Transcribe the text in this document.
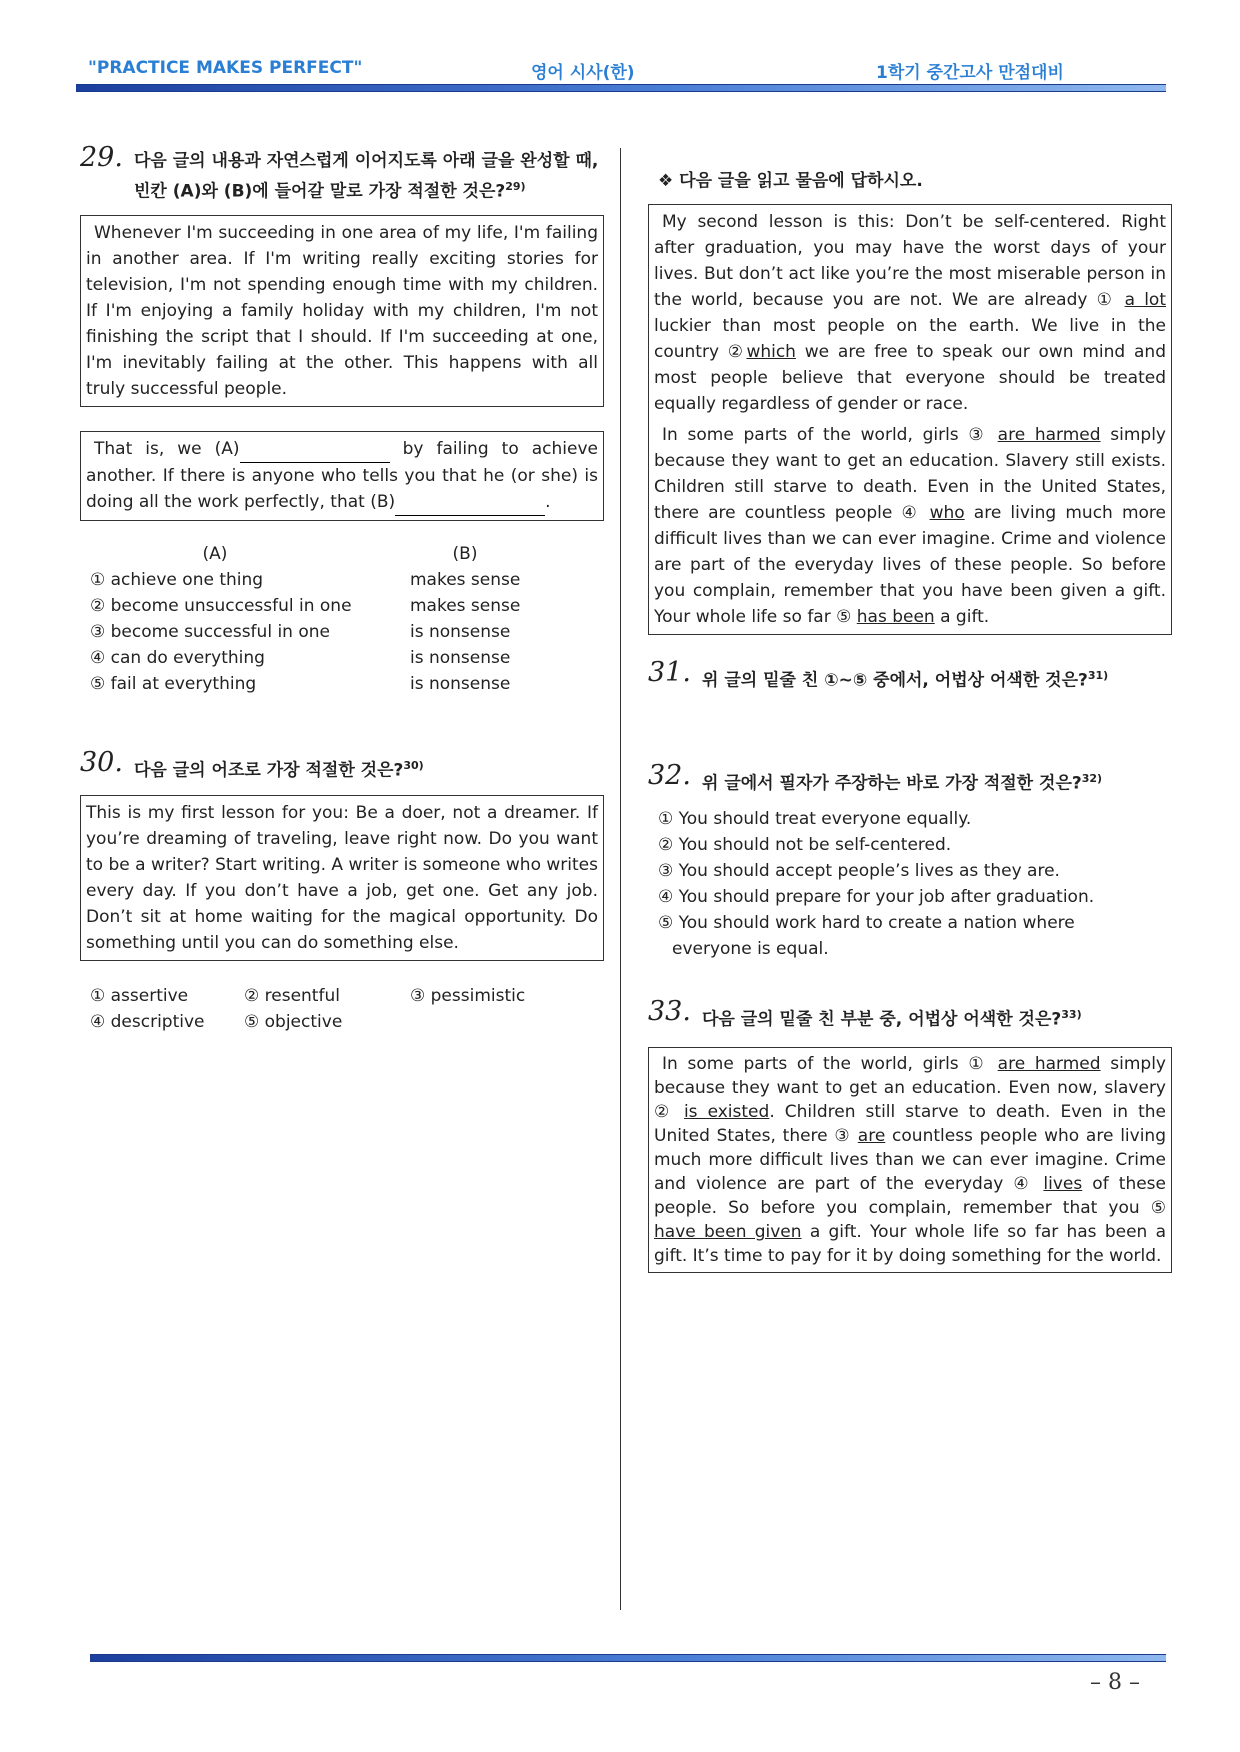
"PRACTICE MAKES PERFECT"	영어 시사(한)	1학기 중간고사 만점대비

29. 다음 글의 내용과 자연스럽게 이어지도록 아래 글을 완성할 때, 빈칸 (A)와 (B)에 들어갈 말로 가장 적절한 것은?$^{29)}$

Whenever I'm succeeding in one area of my life, I'm failing in another area. If I'm writing really exciting stories for television, I'm not spending enough time with my children. If I'm enjoying a family holiday with my children, I'm not finishing the script that I should. If I'm succeeding at one, I'm inevitably failing at the other. This happens with all truly successful people.

That is, we (A)	by failing to achieve another. If there is anyone who tells you that he (or she) is doing all the work perfectly, that (B)	.

(A)	(B)
① achieve one thing	makes sense
② become unsuccessful in one	makes sense
③ become successful in one	is nonsense
④ can do everything	is nonsense
⑤ fail at everything	is nonsense

30. 다음 글의 어조로 가장 적절한 것은?$^{30)}$

This is my first lesson for you: Be a doer, not a dreamer. If you’re dreaming of traveling, leave right now. Do you want to be a writer? Start writing. A writer is someone who writes every day. If you don’t have a job, get one. Get any job. Don’t sit at home waiting for the magical opportunity. Do something until you can do something else.

① assertive	② resentful	③ pessimistic
④ descriptive	⑤ objective
❖ 다음 글을 읽고 물음에 답하시오.

My second lesson is this: Don’t be self-centered. Right after graduation, you may have the worst days of your lives. But don’t act like you’re the most miserable person in the world, because you are not. We are already ① a lot luckier than most people on the earth. We live in the country ②which we are free to speak our own mind and most people believe that everyone should be treated equally regardless of gender or race.

In some parts of the world, girls ③ are harmed simply because they want to get an education. Slavery still exists. Children still starve to death. Even in the United States, there are countless people ④ who are living much more difficult lives than we can ever imagine. Crime and violence are part of the everyday lives of these people. So before you complain, remember that you have been given a gift. Your whole life so far ⑤ has been a gift.

31. 위 글의 밑줄 친 ①~⑤ 중에서, 어법상 어색한 것은?$^{31)}$

32. 위 글에서 필자가 주장하는 바로 가장 적절한 것은?$^{32)}$

① You should treat everyone equally.
② You should not be self-centered.
③ You should accept people’s lives as they are.
④ You should prepare for your job after graduation.
⑤ You should work hard to create a nation where
everyone is equal.

33. 다음 글의 밑줄 친 부분 중, 어법상 어색한 것은?$^{33)}$

In some parts of the world, girls ① are harmed simply because they want to get an education. Even now, slavery ② is existed. Children still starve to death. Even in the United States, there ③ are countless people who are living much more difficult lives than we can ever imagine. Crime and violence are part of the everyday ④ lives of these people. So before you complain, remember that you ⑤ have been given a gift. Your whole life so far has been a gift. It’s time to pay for it by doing something for the world.

– 8 –
